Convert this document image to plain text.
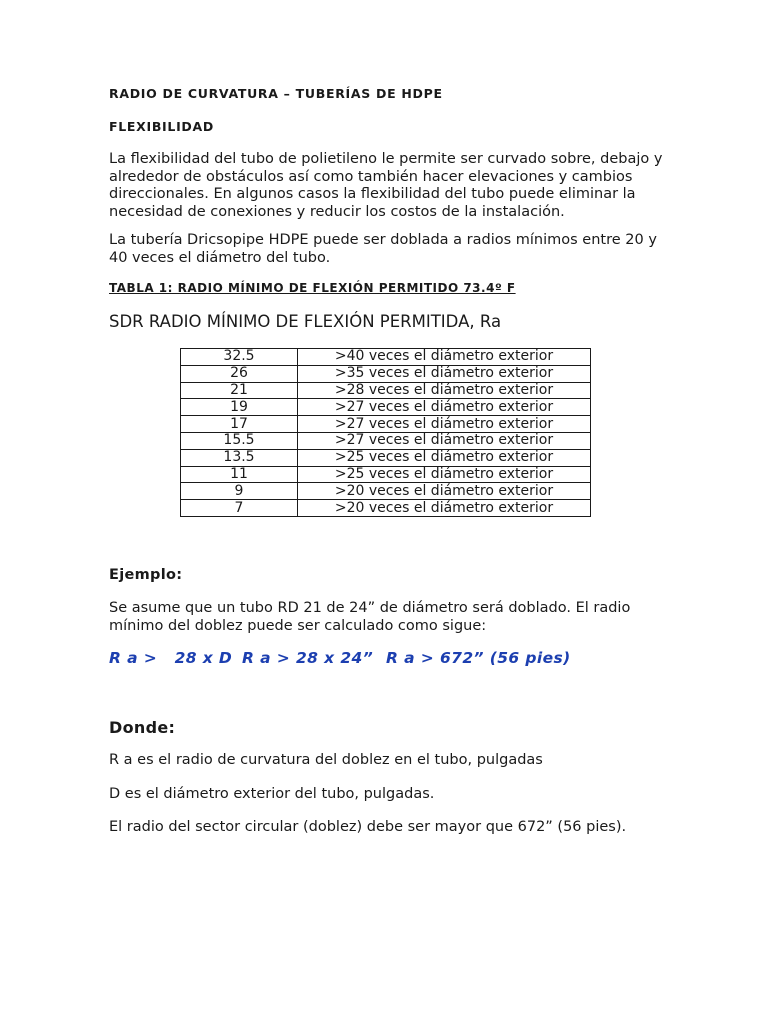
RADIO DE CURVATURA – TUBERÍAS DE HDPE
FLEXIBILIDAD
La flexibilidad del tubo de polietileno le permite ser curvado sobre, debajo y alrededor de obstáculos así como también hacer elevaciones y cambios direccionales. En algunos casos la flexibilidad del tubo puede eliminar la necesidad de conexiones y reducir los costos de la instalación.
La tubería Dricsopipe HDPE puede ser doblada a radios mínimos entre 20 y 40 veces el diámetro del tubo.
TABLA 1: RADIO MÍNIMO DE FLEXIÓN PERMITIDO 73.4º F
SDR RADIO MÍNIMO DE FLEXIÓN PERMITIDA, Ra
32.5	>40 veces el diámetro exterior
26	>35 veces el diámetro exterior
21	>28 veces el diámetro exterior
19	>27 veces el diámetro exterior
17	>27 veces el diámetro exterior
15.5	>27 veces el diámetro exterior
13.5	>25 veces el diámetro exterior
11	>25 veces el diámetro exterior
9	>20 veces el diámetro exterior
7	>20 veces el diámetro exterior
Ejemplo:
Se asume que un tubo RD 21 de 24” de diámetro será doblado. El radio mínimo del doblez puede ser calculado como sigue:
R a >   28 x D R a > 28 x 24” R a > 672” (56 pies)
Donde:
R a es el radio de curvatura del doblez en el tubo, pulgadas
D es el diámetro exterior del tubo, pulgadas.
El radio del sector circular (doblez) debe ser mayor que 672” (56 pies).
